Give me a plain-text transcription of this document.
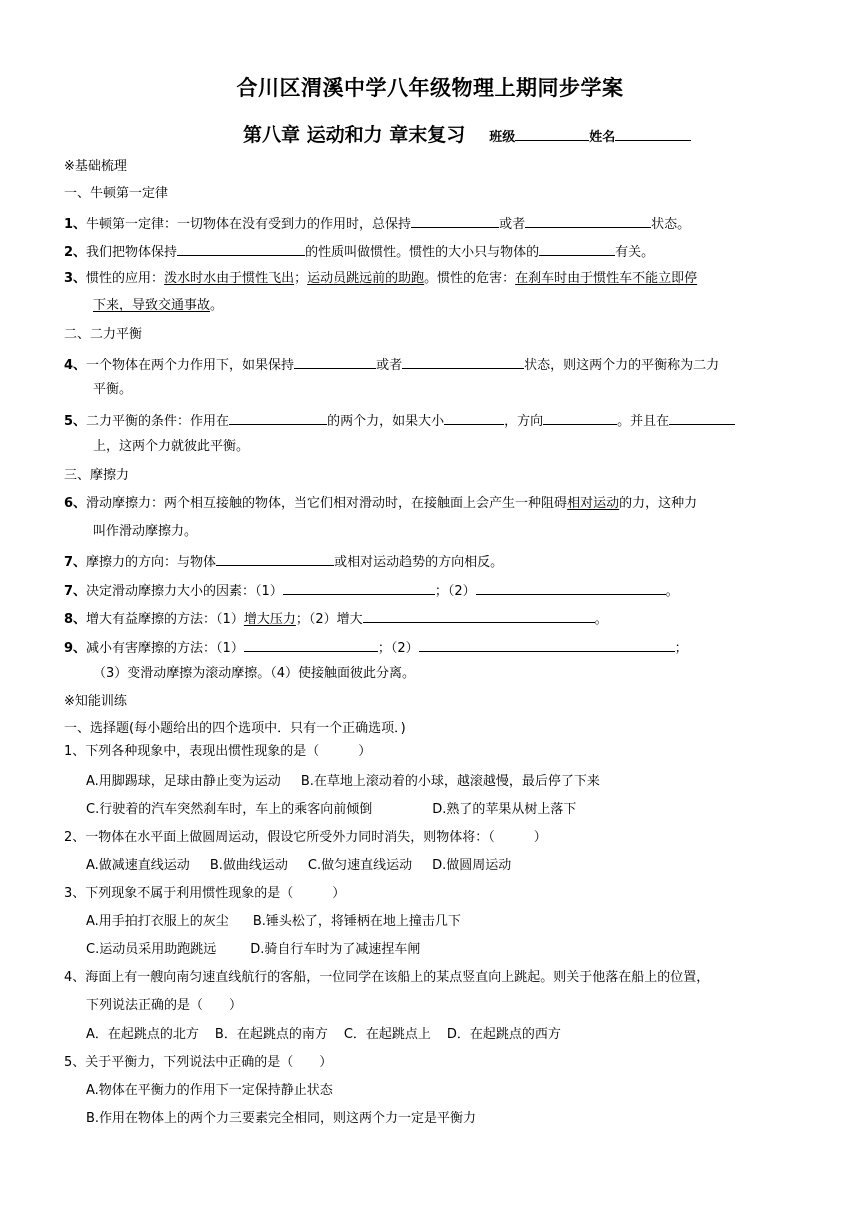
合川区渭溪中学八年级物理上期同步学案
第八章 运动和力 章末复习 班级	姓名
※基础梳理
一、牛顿第一定律
1、牛顿第一定律：一切物体在没有受到力的作用时，总保持	或者	状态。
2、我们把物体保持	的性质叫做惯性。惯性的大小只与物体的	有关。
3、惯性的应用：泼水时水由于惯性飞出；运动员跳远前的助跑。惯性的危害：在刹车时由于惯性车不能立即停
下来，导致交通事故。
二、二力平衡
4、一个物体在两个力作用下，如果保持	或者	状态，则这两个力的平衡称为二力
平衡。
5、二力平衡的条件：作用在	的两个力，如果大小	，方向	。并且在
上，这两个力就彼此平衡。
三、摩擦力
6、滑动摩擦力：两个相互接触的物体，当它们相对滑动时，在接触面上会产生一种阻碍相对运动的力，这种力
叫作滑动摩擦力。
7、摩擦力的方向：与物体	或相对运动趋势的方向相反。
7、决定滑动摩擦力大小的因素：（1）	；（2）	。
8、增大有益摩擦的方法：（1）增大压力；（2）增大	。
9、减小有害摩擦的方法：（1）	；（2）	；
（3）变滑动摩擦为滚动摩擦。（4）使接触面彼此分离。
※知能训练
一、选择题(每小题给出的四个选项中．只有一个正确选项．)
1、下列各种现象中，表现出惯性现象的是（　　　）
A.用脚踢球，足球由静止变为运动 B.在草地上滚动着的小球，越滚越慢，最后停了下来
C.行驶着的汽车突然刹车时，车上的乘客向前倾倒	D.熟了的苹果从树上落下
2、一物体在水平面上做圆周运动，假设它所受外力同时消失，则物体将：（　　　）
A.做减速直线运动 B.做曲线运动 C.做匀速直线运动 D.做圆周运动
3、下列现象不属于利用惯性现象的是（　　　）
A.用手拍打衣服上的灰尘 B.锤头松了，将锤柄在地上撞击几下
C.运动员采用助跑跳远	D.骑自行车时为了减速捏车闸
4、海面上有一艘向南匀速直线航行的客船，一位同学在该船上的某点竖直向上跳起。则关于他落在船上的位置，
下列说法正确的是（　　）
A．在起跳点的北方 B．在起跳点的南方 C．在起跳点上 D．在起跳点的西方
5、关于平衡力，下列说法中正确的是（　　）
A.物体在平衡力的作用下一定保持静止状态
B.作用在物体上的两个力三要素完全相同，则这两个力一定是平衡力
